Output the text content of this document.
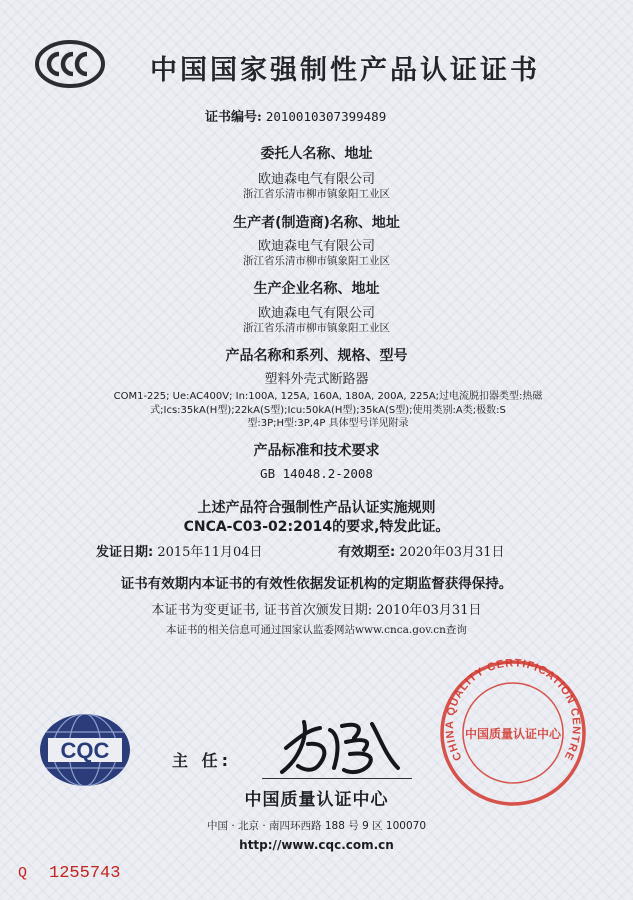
中国国家强制性产品认证证书
证书编号: 2010010307399489
委托人名称、地址
欧迪森电气有限公司
浙江省乐清市柳市镇象阳工业区
生产者(制造商)名称、地址
欧迪森电气有限公司
浙江省乐清市柳市镇象阳工业区
生产企业名称、地址
欧迪森电气有限公司
浙江省乐清市柳市镇象阳工业区
产品名称和系列、规格、型号
塑料外壳式断路器
COM1-225; Ue:AC400V; In:100A, 125A, 160A, 180A, 200A, 225A;过电流脱扣器类型:热磁
式;Ics:35kA(H型);22kA(S型);Icu:50kA(H型);35kA(S型);使用类别:A类;极数:S
型:3P;H型:3P,4P 具体型号详见附录
产品标准和技术要求
GB 14048.2-2008
上述产品符合强制性产品认证实施规则
CNCA-C03-02:2014的要求,特发此证。
发证日期: 2015年11月04日	有效期至: 2020年03月31日
证书有效期内本证书的有效性依据发证机构的定期监督获得保持。
本证书为变更证书, 证书首次颁发日期: 2010年03月31日
本证书的相关信息可通过国家认监委网站www.cnca.gov.cn查询
CQC	主 任:
中国质量认证中心
中国 · 北京 · 南四环西路 188 号 9 区 100070
http://www.cqc.com.cn
CHINA QUALITY CERTIFICATION CENTRE
中国质量认证中心
Q 1255743
